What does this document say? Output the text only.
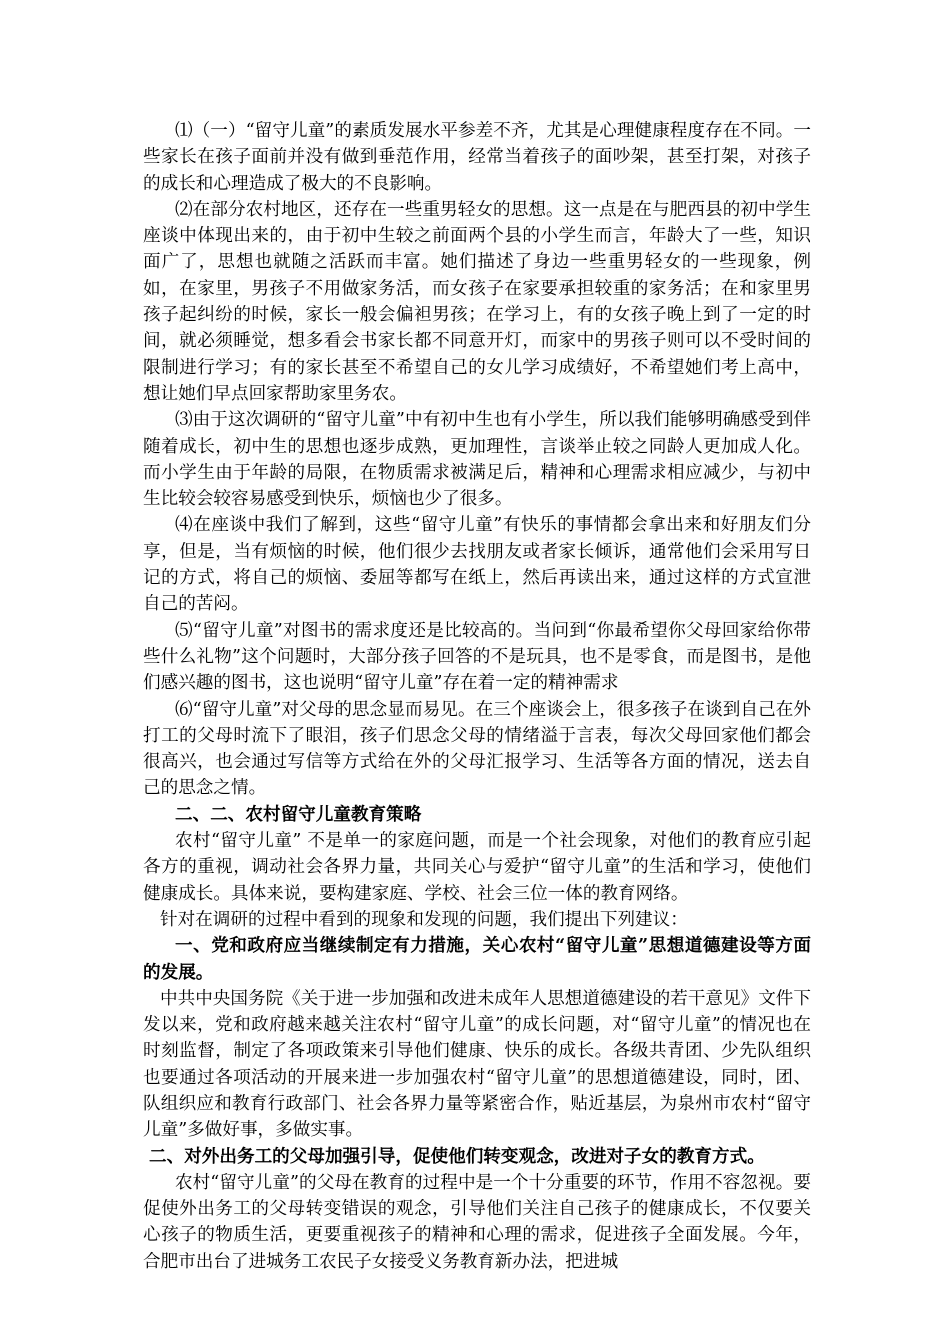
⑴（一）“留守儿童”的素质发展水平参差不齐，尤其是心理健康程度存在不同。一些家长在孩子面前并没有做到垂范作用，经常当着孩子的面吵架，甚至打架，对孩子的成长和心理造成了极大的不良影响。

⑵在部分农村地区，还存在一些重男轻女的思想。这一点是在与肥西县的初中学生座谈中体现出来的，由于初中生较之前面两个县的小学生而言，年龄大了一些，知识面广了，思想也就随之活跃而丰富。她们描述了身边一些重男轻女的一些现象，例如，在家里，男孩子不用做家务活，而女孩子在家要承担较重的家务活；在和家里男孩子起纠纷的时候，家长一般会偏袒男孩；在学习上，有的女孩子晚上到了一定的时间，就必须睡觉，想多看会书家长都不同意开灯，而家中的男孩子则可以不受时间的限制进行学习；有的家长甚至不希望自己的女儿学习成绩好，不希望她们考上高中，想让她们早点回家帮助家里务农。

⑶由于这次调研的“留守儿童”中有初中生也有小学生，所以我们能够明确感受到伴随着成长，初中生的思想也逐步成熟，更加理性，言谈举止较之同龄人更加成人化。而小学生由于年龄的局限，在物质需求被满足后，精神和心理需求相应减少，与初中生比较会较容易感受到快乐，烦恼也少了很多。

⑷在座谈中我们了解到，这些“留守儿童”有快乐的事情都会拿出来和好朋友们分享，但是，当有烦恼的时候，他们很少去找朋友或者家长倾诉，通常他们会采用写日记的方式，将自己的烦恼、委屈等都写在纸上，然后再读出来，通过这样的方式宣泄自己的苦闷。

⑸“留守儿童”对图书的需求度还是比较高的。当问到“你最希望你父母回家给你带些什么礼物”这个问题时，大部分孩子回答的不是玩具，也不是零食，而是图书，是他们感兴趣的图书，这也说明“留守儿童”存在着一定的精神需求

⑹“留守儿童”对父母的思念显而易见。在三个座谈会上，很多孩子在谈到自己在外打工的父母时流下了眼泪，孩子们思念父母的情绪溢于言表，每次父母回家他们都会很高兴，也会通过写信等方式给在外的父母汇报学习、生活等各方面的情况，送去自己的思念之情。

二、二、农村留守儿童教育策略

农村“留守儿童” 不是单一的家庭问题，而是一个社会现象，对他们的教育应引起各方的重视，调动社会各界力量，共同关心与爱护“留守儿童”的生活和学习，使他们健康成长。具体来说，要构建家庭、学校、社会三位一体的教育网络。

针对在调研的过程中看到的现象和发现的问题，我们提出下列建议：

一、党和政府应当继续制定有力措施，关心农村“留守儿童”思想道德建设等方面的发展。

中共中央国务院《关于进一步加强和改进未成年人思想道德建设的若干意见》文件下发以来，党和政府越来越关注农村“留守儿童”的成长问题，对“留守儿童”的情况也在时刻监督，制定了各项政策来引导他们健康、快乐的成长。各级共青团、少先队组织也要通过各项活动的开展来进一步加强农村“留守儿童”的思想道德建设，同时，团、队组织应和教育行政部门、社会各界力量等紧密合作，贴近基层，为泉州市农村“留守儿童”多做好事，多做实事。

二、对外出务工的父母加强引导，促使他们转变观念，改进对子女的教育方式。

农村“留守儿童”的父母在教育的过程中是一个十分重要的环节，作用不容忽视。要促使外出务工的父母转变错误的观念，引导他们关注自己孩子的健康成长，不仅要关心孩子的物质生活，更要重视孩子的精神和心理的需求，促进孩子全面发展。今年，合肥市出台了进城务工农民子女接受义务教育新办法，把进城
